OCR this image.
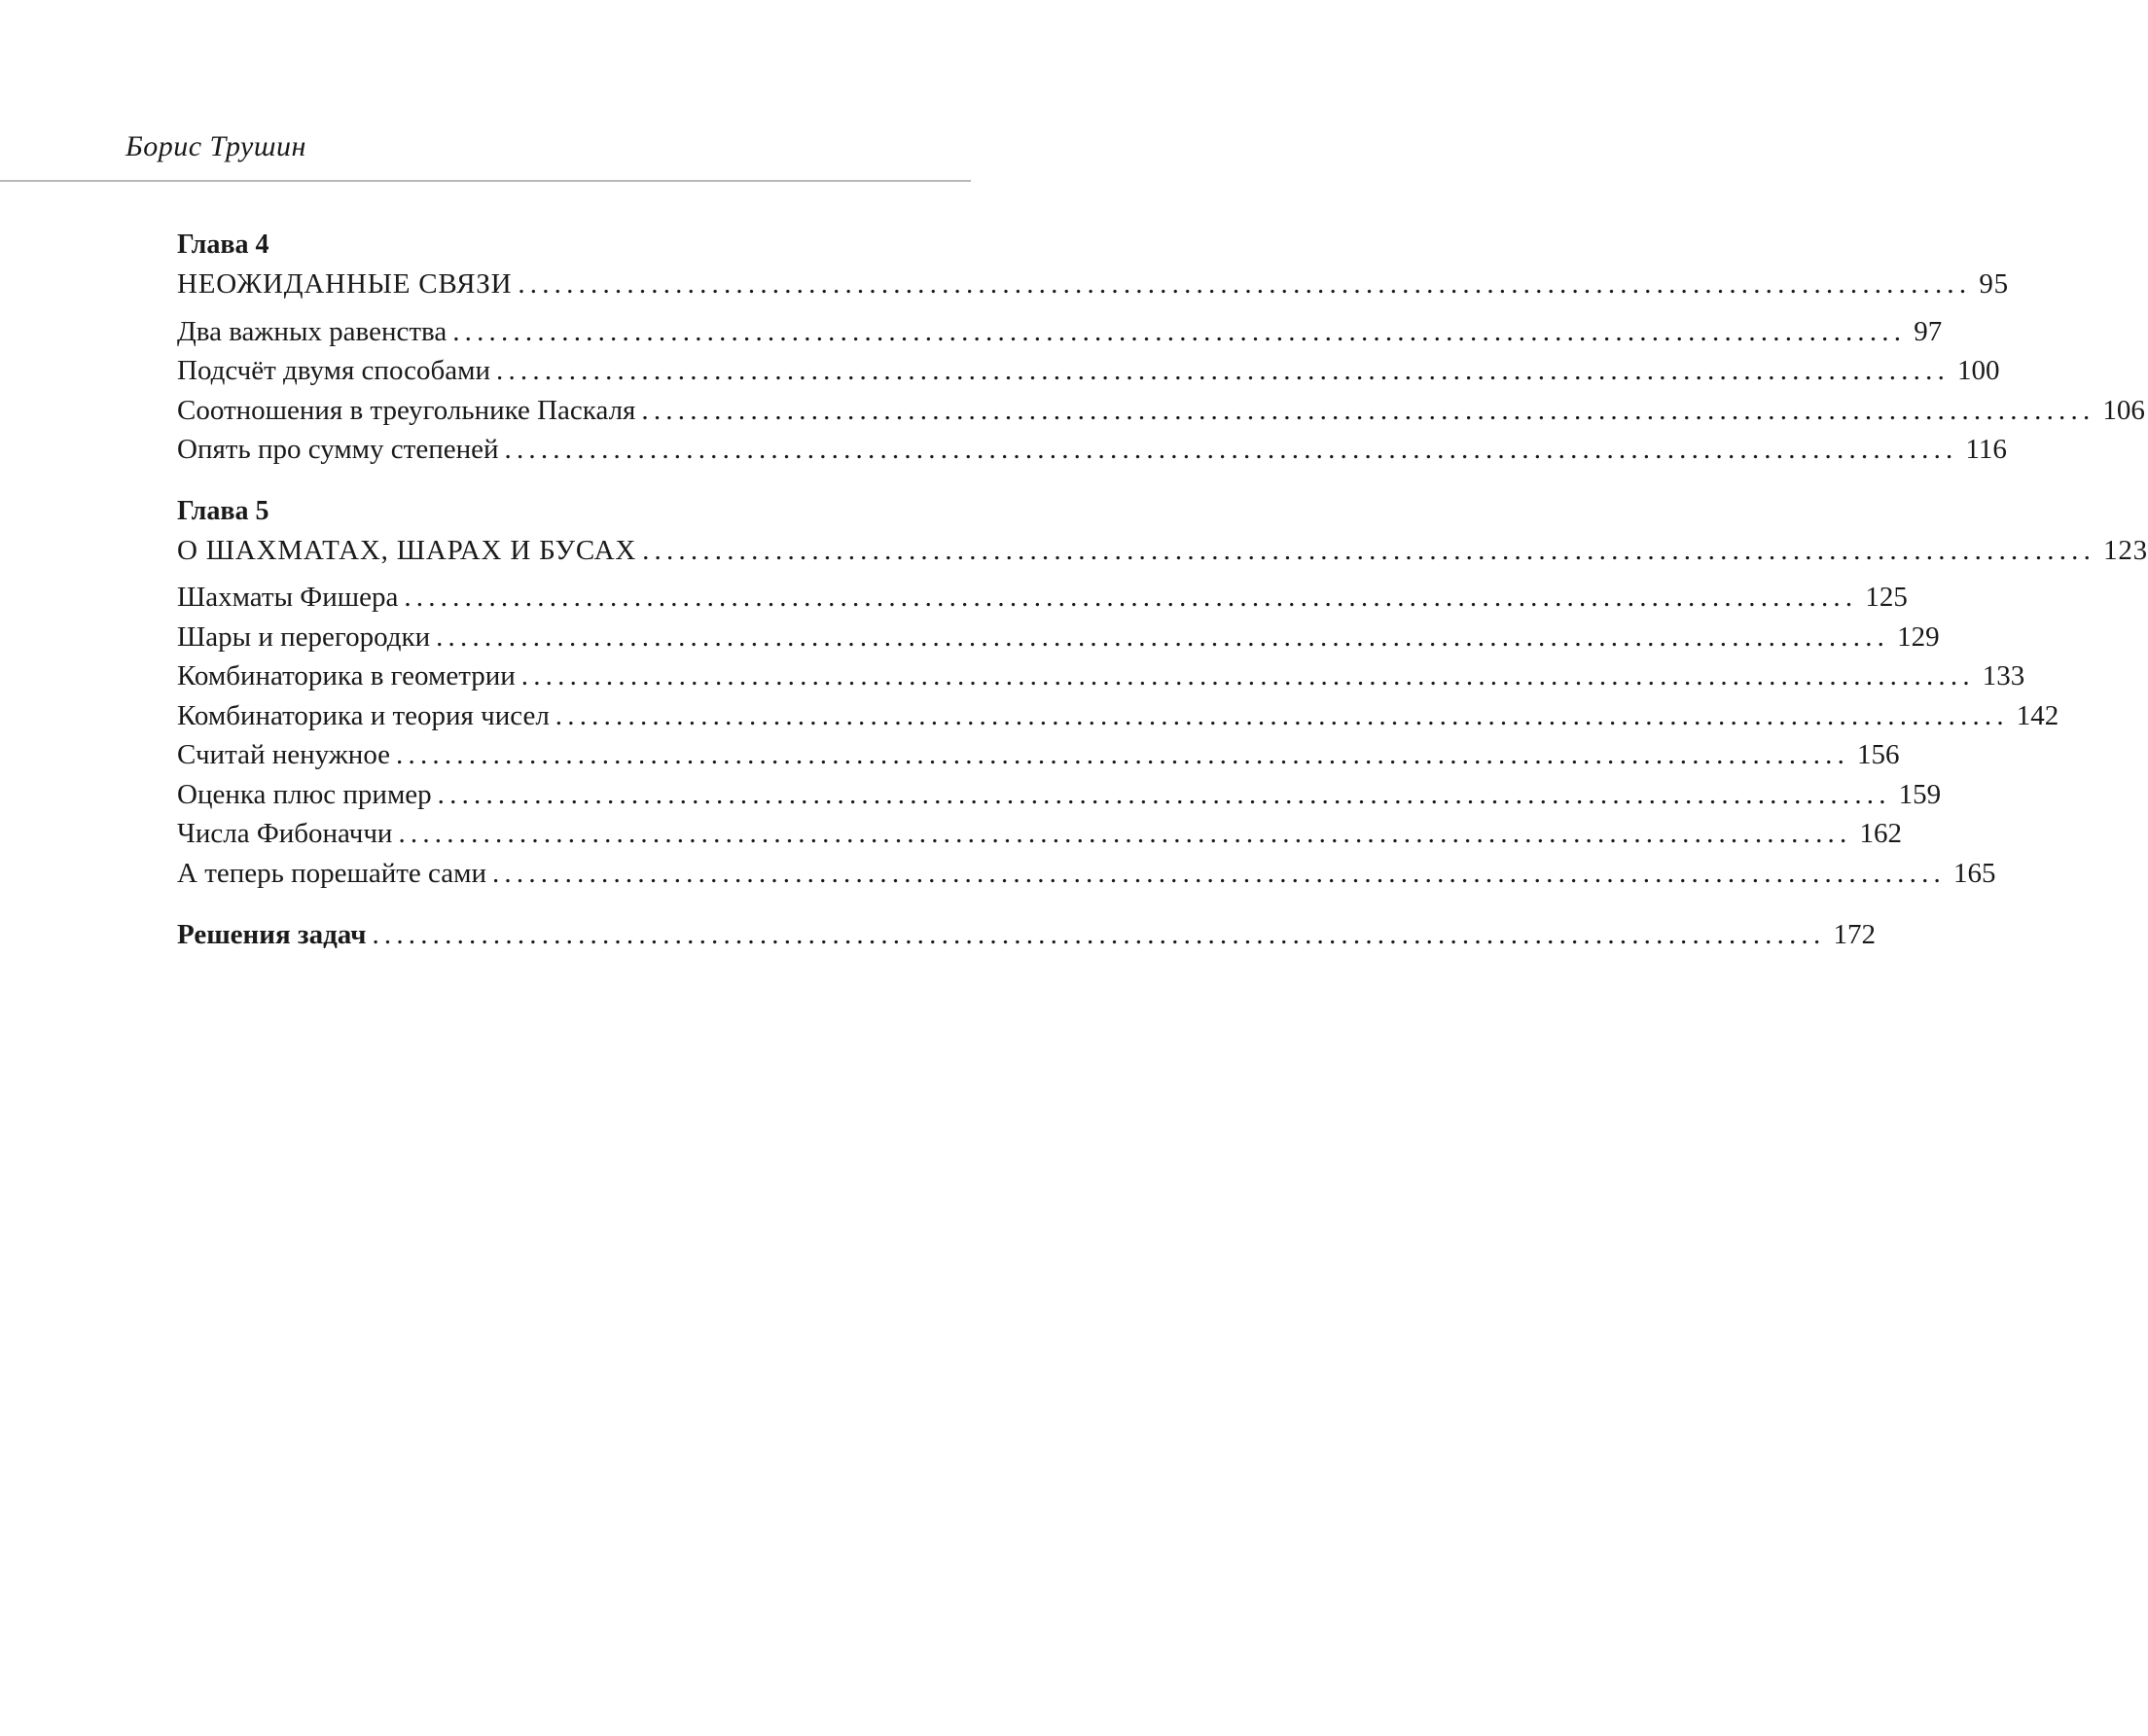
Борис Трушин
Глава 4
НЕОЖИДАННЫЕ СВЯЗИ ........................................................................................................................ 95
Два важных равенства ........................................................................................................................ 97
Подсчёт двумя способами ........................................................................................................................ 100
Соотношения в треугольнике Паскаля ........................................................................................................................ 106
Опять про сумму степеней ........................................................................................................................ 116
Глава 5
О ШАХМАТАХ, ШАРАХ И БУСАХ ........................................................................................................................ 123
Шахматы Фишера ........................................................................................................................ 125
Шары и перегородки ........................................................................................................................ 129
Комбинаторика в геометрии ........................................................................................................................ 133
Комбинаторика и теория чисел ........................................................................................................................ 142
Считай ненужное ........................................................................................................................ 156
Оценка плюс пример ........................................................................................................................ 159
Числа Фибоначчи ........................................................................................................................ 162
А теперь порешайте сами ........................................................................................................................ 165
Решения задач ........................................................................................................................ 172
